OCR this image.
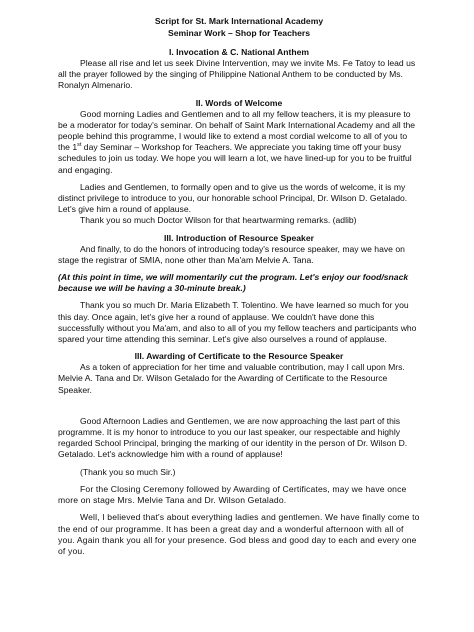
Script for St. Mark International Academy
Seminar Work – Shop for Teachers
I. Invocation & C. National Anthem

Please all rise and let us seek Divine Intervention, may we invite Ms. Fe Tatoy to lead us all the prayer followed by the singing of Philippine National Anthem to be conducted by Ms. Ronalyn Almenario.

II. Words of Welcome

Good morning Ladies and Gentlemen and to all my fellow teachers, it is my pleasure to be a moderator for today's seminar. On behalf of Saint Mark International Academy and all the people behind this programme, I would like to extend a most cordial welcome to all of you to the 1st day Seminar – Workshop for Teachers. We appreciate you taking time off your busy schedules to join us today. We hope you will learn a lot, we have lined-up for you to be fruitful and engaging.

Ladies and Gentlemen, to formally open and to give us the words of welcome, it is my distinct privilege to introduce to you, our honorable school Principal, Dr. Wilson D. Getalado. Let's give him a round of applause.

Thank you so much Doctor Wilson for that heartwarming remarks. (adlib)

III. Introduction of Resource Speaker

And finally, to do the honors of introducing today's resource speaker, may we have on stage the registrar of SMIA, none other than Ma'am Melvie A. Tana.

(At this point in time, we will momentarily cut the program. Let's enjoy our food/snack because we will be having a 30-minute break.)

Thank you so much Dr. Maria Elizabeth T. Tolentino. We have learned so much for you this day. Once again, let's give her a round of applause. We couldn't have done this successfully without you Ma'am, and also to all of you my fellow teachers and participants who spared your time attending this seminar. Let's give also ourselves a round of applause.

III. Awarding of Certificate to the Resource Speaker

As a token of appreciation for her time and valuable contribution, may I call upon Mrs. Melvie A. Tana and Dr. Wilson Getalado for the Awarding of Certificate to the Resource Speaker.

Good Afternoon Ladies and Gentlemen, we are now approaching the last part of this programme. It is my honor to introduce to you our last speaker, our respectable and highly regarded School Principal, bringing the marking of our identity in the person of Dr. Wilson D. Getalado. Let's acknowledge him with a round of applause!

(Thank you so much Sir.)

For the Closing Ceremony followed by Awarding of Certificates, may we have once more on stage Mrs. Melvie Tana and Dr. Wilson Getalado.

Well, I believed that's about everything ladies and gentlemen. We have finally come to the end of our programme. It has been a great day and a wonderful afternoon with all of you. Again thank you all for your presence. God bless and good day to each and every one of you.
